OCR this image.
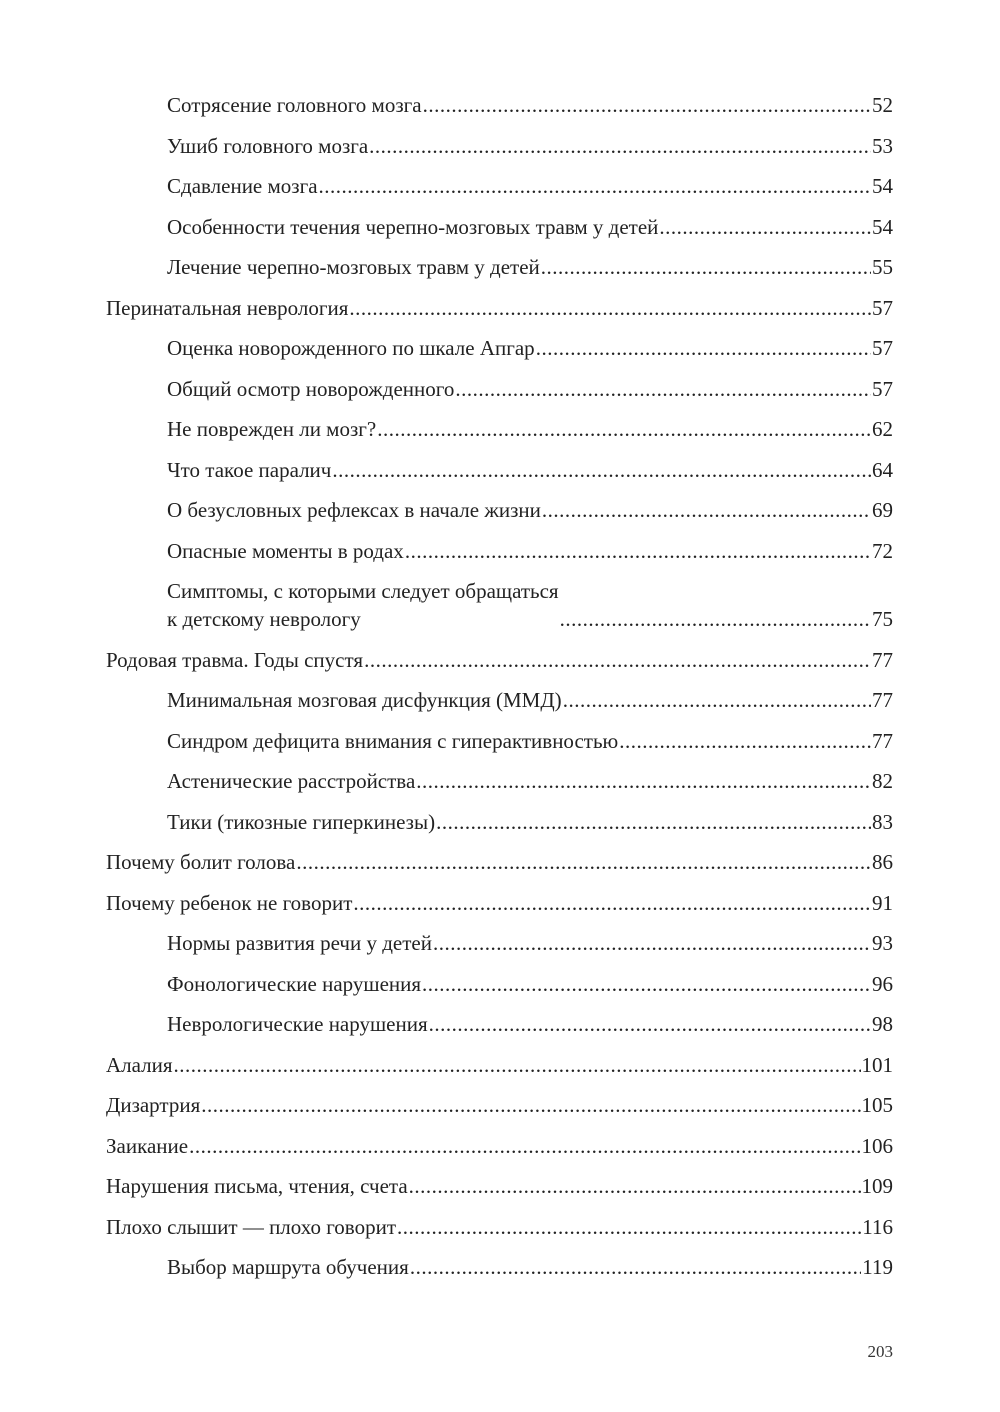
Сотрясение головного мозга .....	52
Ушиб головного мозга .....	53
Сдавление мозга .....	54
Особенности течения черепно-мозговых травм у детей .....	54
Лечение черепно-мозговых травм у детей .....	55
Перинатальная неврология .....	57
Оценка новорожденного по шкале Апгар .....	57
Общий осмотр новорожденного .....	57
Не поврежден ли мозг? .....	62
Что такое паралич .....	64
О безусловных рефлексах в начале жизни .....	69
Опасные моменты в родах .....	72
Симптомы, с которыми следует обращаться
к детскому неврологу .....	75
Родовая травма. Годы спустя .....	77
Минимальная мозговая дисфункция (ММД) .....	77
Синдром дефицита внимания с гиперактивностью .....	77
Астенические расстройства .....	82
Тики (тикозные гиперкинезы) .....	83
Почему болит голова .....	86
Почему ребенок не говорит .....	91
Нормы развития речи у детей .....	93
Фонологические нарушения .....	96
Неврологические нарушения .....	98
Алалия .....	101
Дизартрия .....	105
Заикание .....	106
Нарушения письма, чтения, счета .....	109
Плохо слышит — плохо говорит .....	116
Выбор маршрута обучения .....	119
203
